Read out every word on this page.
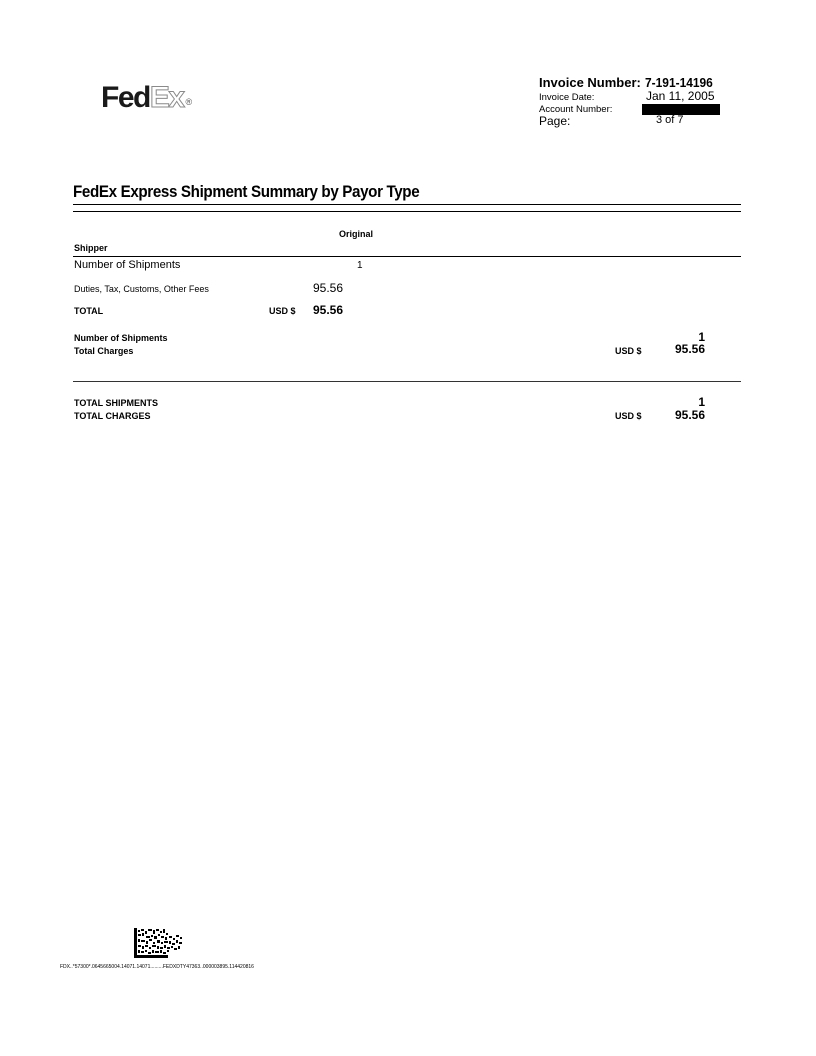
FedEx ®
Invoice Number: 7-191-14196
Invoice Date:	Jan 11, 2005
Account Number:
Page:	3 of 7
FedEx Express Shipment Summary by Payor Type
Original
Shipper
Number of Shipments	1
Duties, Tax, Customs, Other Fees	95.56
TOTAL	USD $ 95.56
Number of Shipments	1
Total Charges	USD $	95.56
TOTAL SHIPMENTS	1
TOTAL CHARGES	USD $	95.56
FDX..*57300*.0645665004.14071.14071.........FEDXDTY47363..000003895.114420816
